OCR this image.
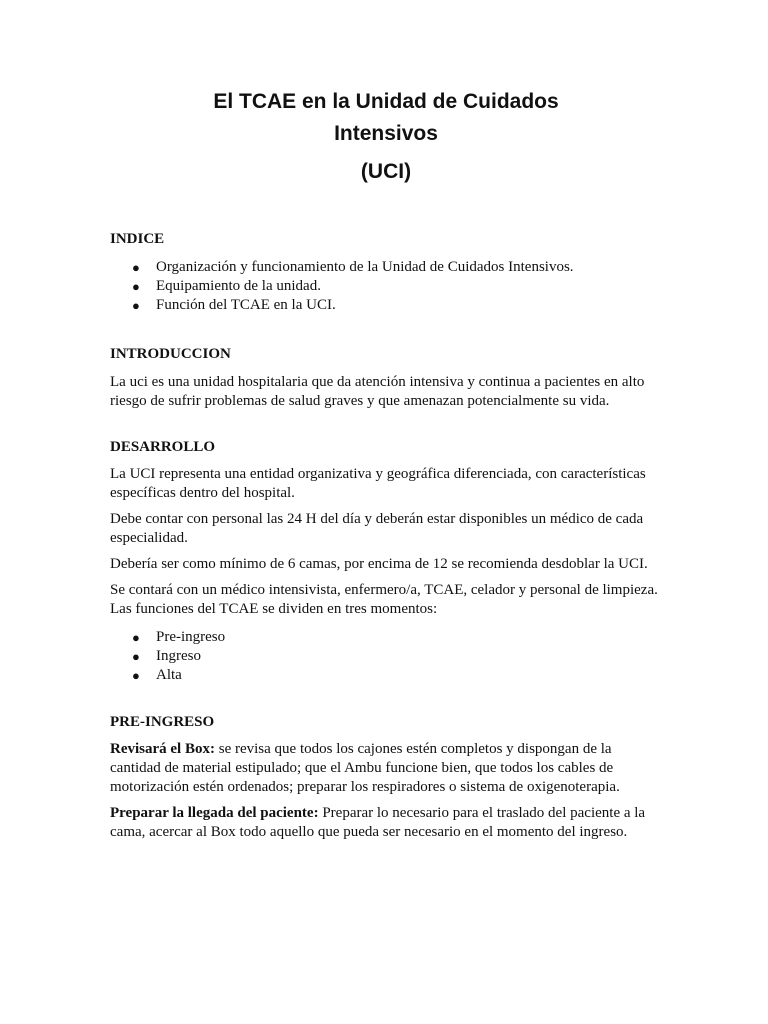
El TCAE en la Unidad de Cuidados
Intensivos
(UCI)
INDICE
● Organización y funcionamiento de la Unidad de Cuidados Intensivos.
● Equipamiento de la unidad.
● Función del TCAE en la UCI.
INTRODUCCION

La uci es una unidad hospitalaria que da atención intensiva y continua a pacientes en alto riesgo de sufrir problemas de salud graves y que amenazan potencialmente su vida.

DESARROLLO

La UCI representa una entidad organizativa y geográfica diferenciada, con características específicas dentro del hospital.

Debe contar con personal las 24 H del día y deberán estar disponibles un médico de cada especialidad.

Debería ser como mínimo de 6 camas, por encima de 12 se recomienda desdoblar la UCI.

Se contará con un médico intensivista, enfermero/a, TCAE, celador y personal de limpieza. Las funciones del TCAE se dividen en tres momentos:

● Pre-ingreso
● Ingreso
● Alta
PRE-INGRESO

Revisará el Box: se revisa que todos los cajones estén completos y dispongan de la cantidad de material estipulado; que el Ambu funcione bien, que todos los cables de motorización estén ordenados; preparar los respiradores o sistema de oxigenoterapia.

Preparar la llegada del paciente: Preparar lo necesario para el traslado del paciente a la cama, acercar al Box todo aquello que pueda ser necesario en el momento del ingreso.
